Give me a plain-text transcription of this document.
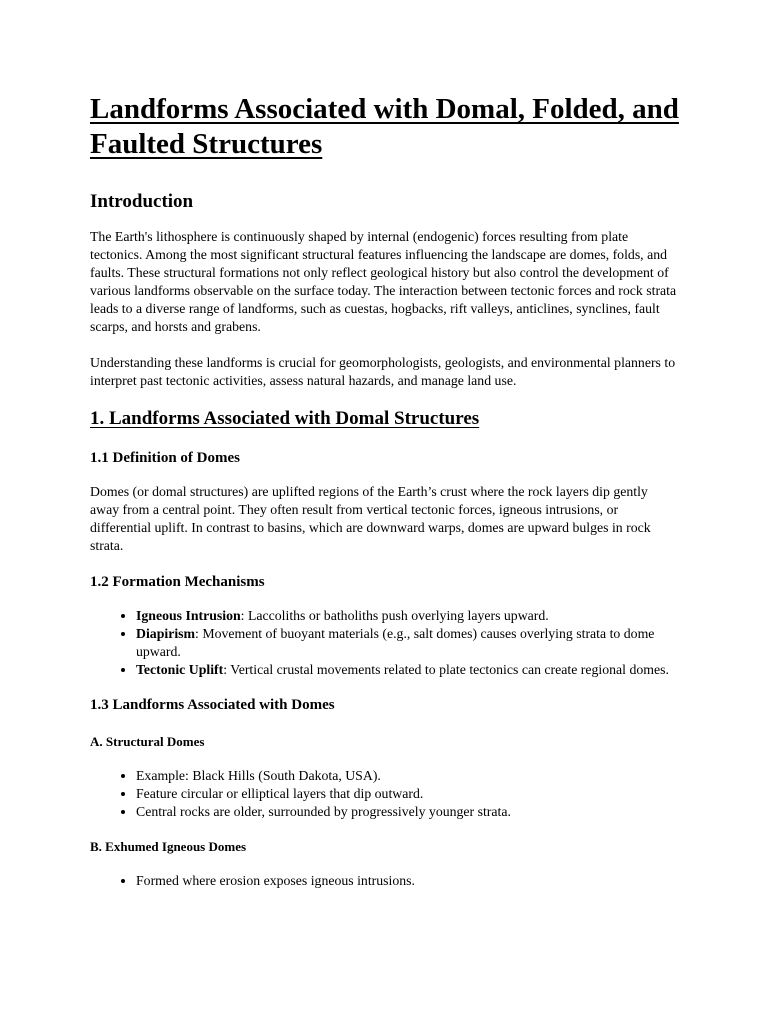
Landforms Associated with Domal, Folded, and Faulted Structures
Introduction

The Earth's lithosphere is continuously shaped by internal (endogenic) forces resulting from plate tectonics. Among the most significant structural features influencing the landscape are domes, folds, and faults. These structural formations not only reflect geological history but also control the development of various landforms observable on the surface today. The interaction between tectonic forces and rock strata leads to a diverse range of landforms, such as cuestas, hogbacks, rift valleys, anticlines, synclines, fault scarps, and horsts and grabens.

Understanding these landforms is crucial for geomorphologists, geologists, and environmental planners to interpret past tectonic activities, assess natural hazards, and manage land use.

1. Landforms Associated with Domal Structures
1.1 Definition of Domes

Domes (or domal structures) are uplifted regions of the Earth’s crust where the rock layers dip gently away from a central point. They often result from vertical tectonic forces, igneous intrusions, or differential uplift. In contrast to basins, which are downward warps, domes are upward bulges in rock strata.

1.2 Formation Mechanisms
• Igneous Intrusion: Laccoliths or batholiths push overlying layers upward.
• Diapirism: Movement of buoyant materials (e.g., salt domes) causes overlying strata to dome upward.
• Tectonic Uplift: Vertical crustal movements related to plate tectonics can create regional domes.
1.3 Landforms Associated with Domes
A. Structural Domes
• Example: Black Hills (South Dakota, USA).
• Feature circular or elliptical layers that dip outward.
• Central rocks are older, surrounded by progressively younger strata.
B. Exhumed Igneous Domes
• Formed where erosion exposes igneous intrusions.
